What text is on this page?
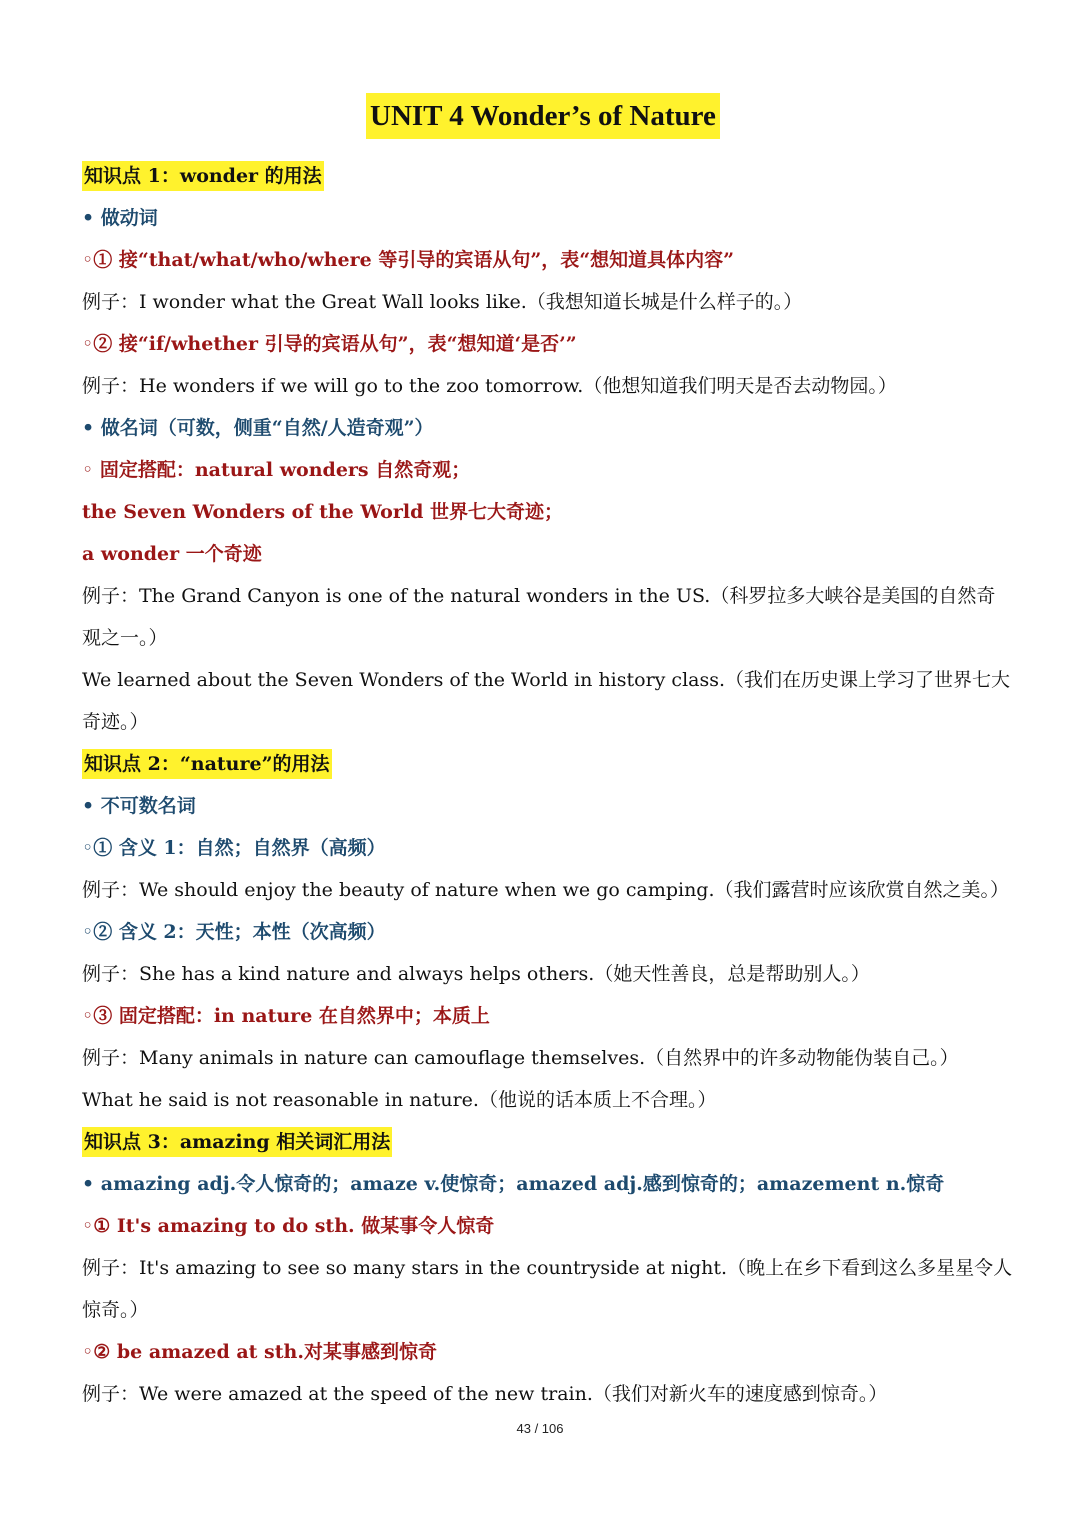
UNIT 4 Wonder’s of Nature
知识点 1：wonder 的用法
• 做动词
◦① 接“that/what/who/where 等引导的宾语从句”，表“想知道具体内容”
例子：I wonder what the Great Wall looks like.（我想知道长城是什么样子的。）
◦② 接“if/whether 引导的宾语从句”，表“想知道‘是否’”
例子：He wonders if we will go to the zoo tomorrow.（他想知道我们明天是否去动物园。）
• 做名词（可数，侧重“自然/人造奇观”）
◦ 固定搭配：natural wonders 自然奇观；
the Seven Wonders of the World 世界七大奇迹；
a wonder 一个奇迹
例子：The Grand Canyon is one of the natural wonders in the US.（科罗拉多大峡谷是美国的自然奇
观之一。）
We learned about the Seven Wonders of the World in history class.（我们在历史课上学习了世界七大
奇迹。）
知识点 2：“nature”的用法
• 不可数名词
◦① 含义 1：自然；自然界（高频）
例子：We should enjoy the beauty of nature when we go camping.（我们露营时应该欣赏自然之美。）
◦② 含义 2：天性；本性（次高频）
例子：She has a kind nature and always helps others.（她天性善良，总是帮助别人。）
◦③ 固定搭配：in nature 在自然界中；本质上
例子：Many animals in nature can camouflage themselves.（自然界中的许多动物能伪装自己。）
What he said is not reasonable in nature.（他说的话本质上不合理。）
知识点 3：amazing 相关词汇用法
• amazing adj.令人惊奇的；amaze v.使惊奇；amazed adj.感到惊奇的；amazement n.惊奇
◦① It's amazing to do sth. 做某事令人惊奇
例子：It's amazing to see so many stars in the countryside at night.（晚上在乡下看到这么多星星令人
惊奇。）
◦② be amazed at sth.对某事感到惊奇
例子：We were amazed at the speed of the new train.（我们对新火车的速度感到惊奇。）
43 / 106
